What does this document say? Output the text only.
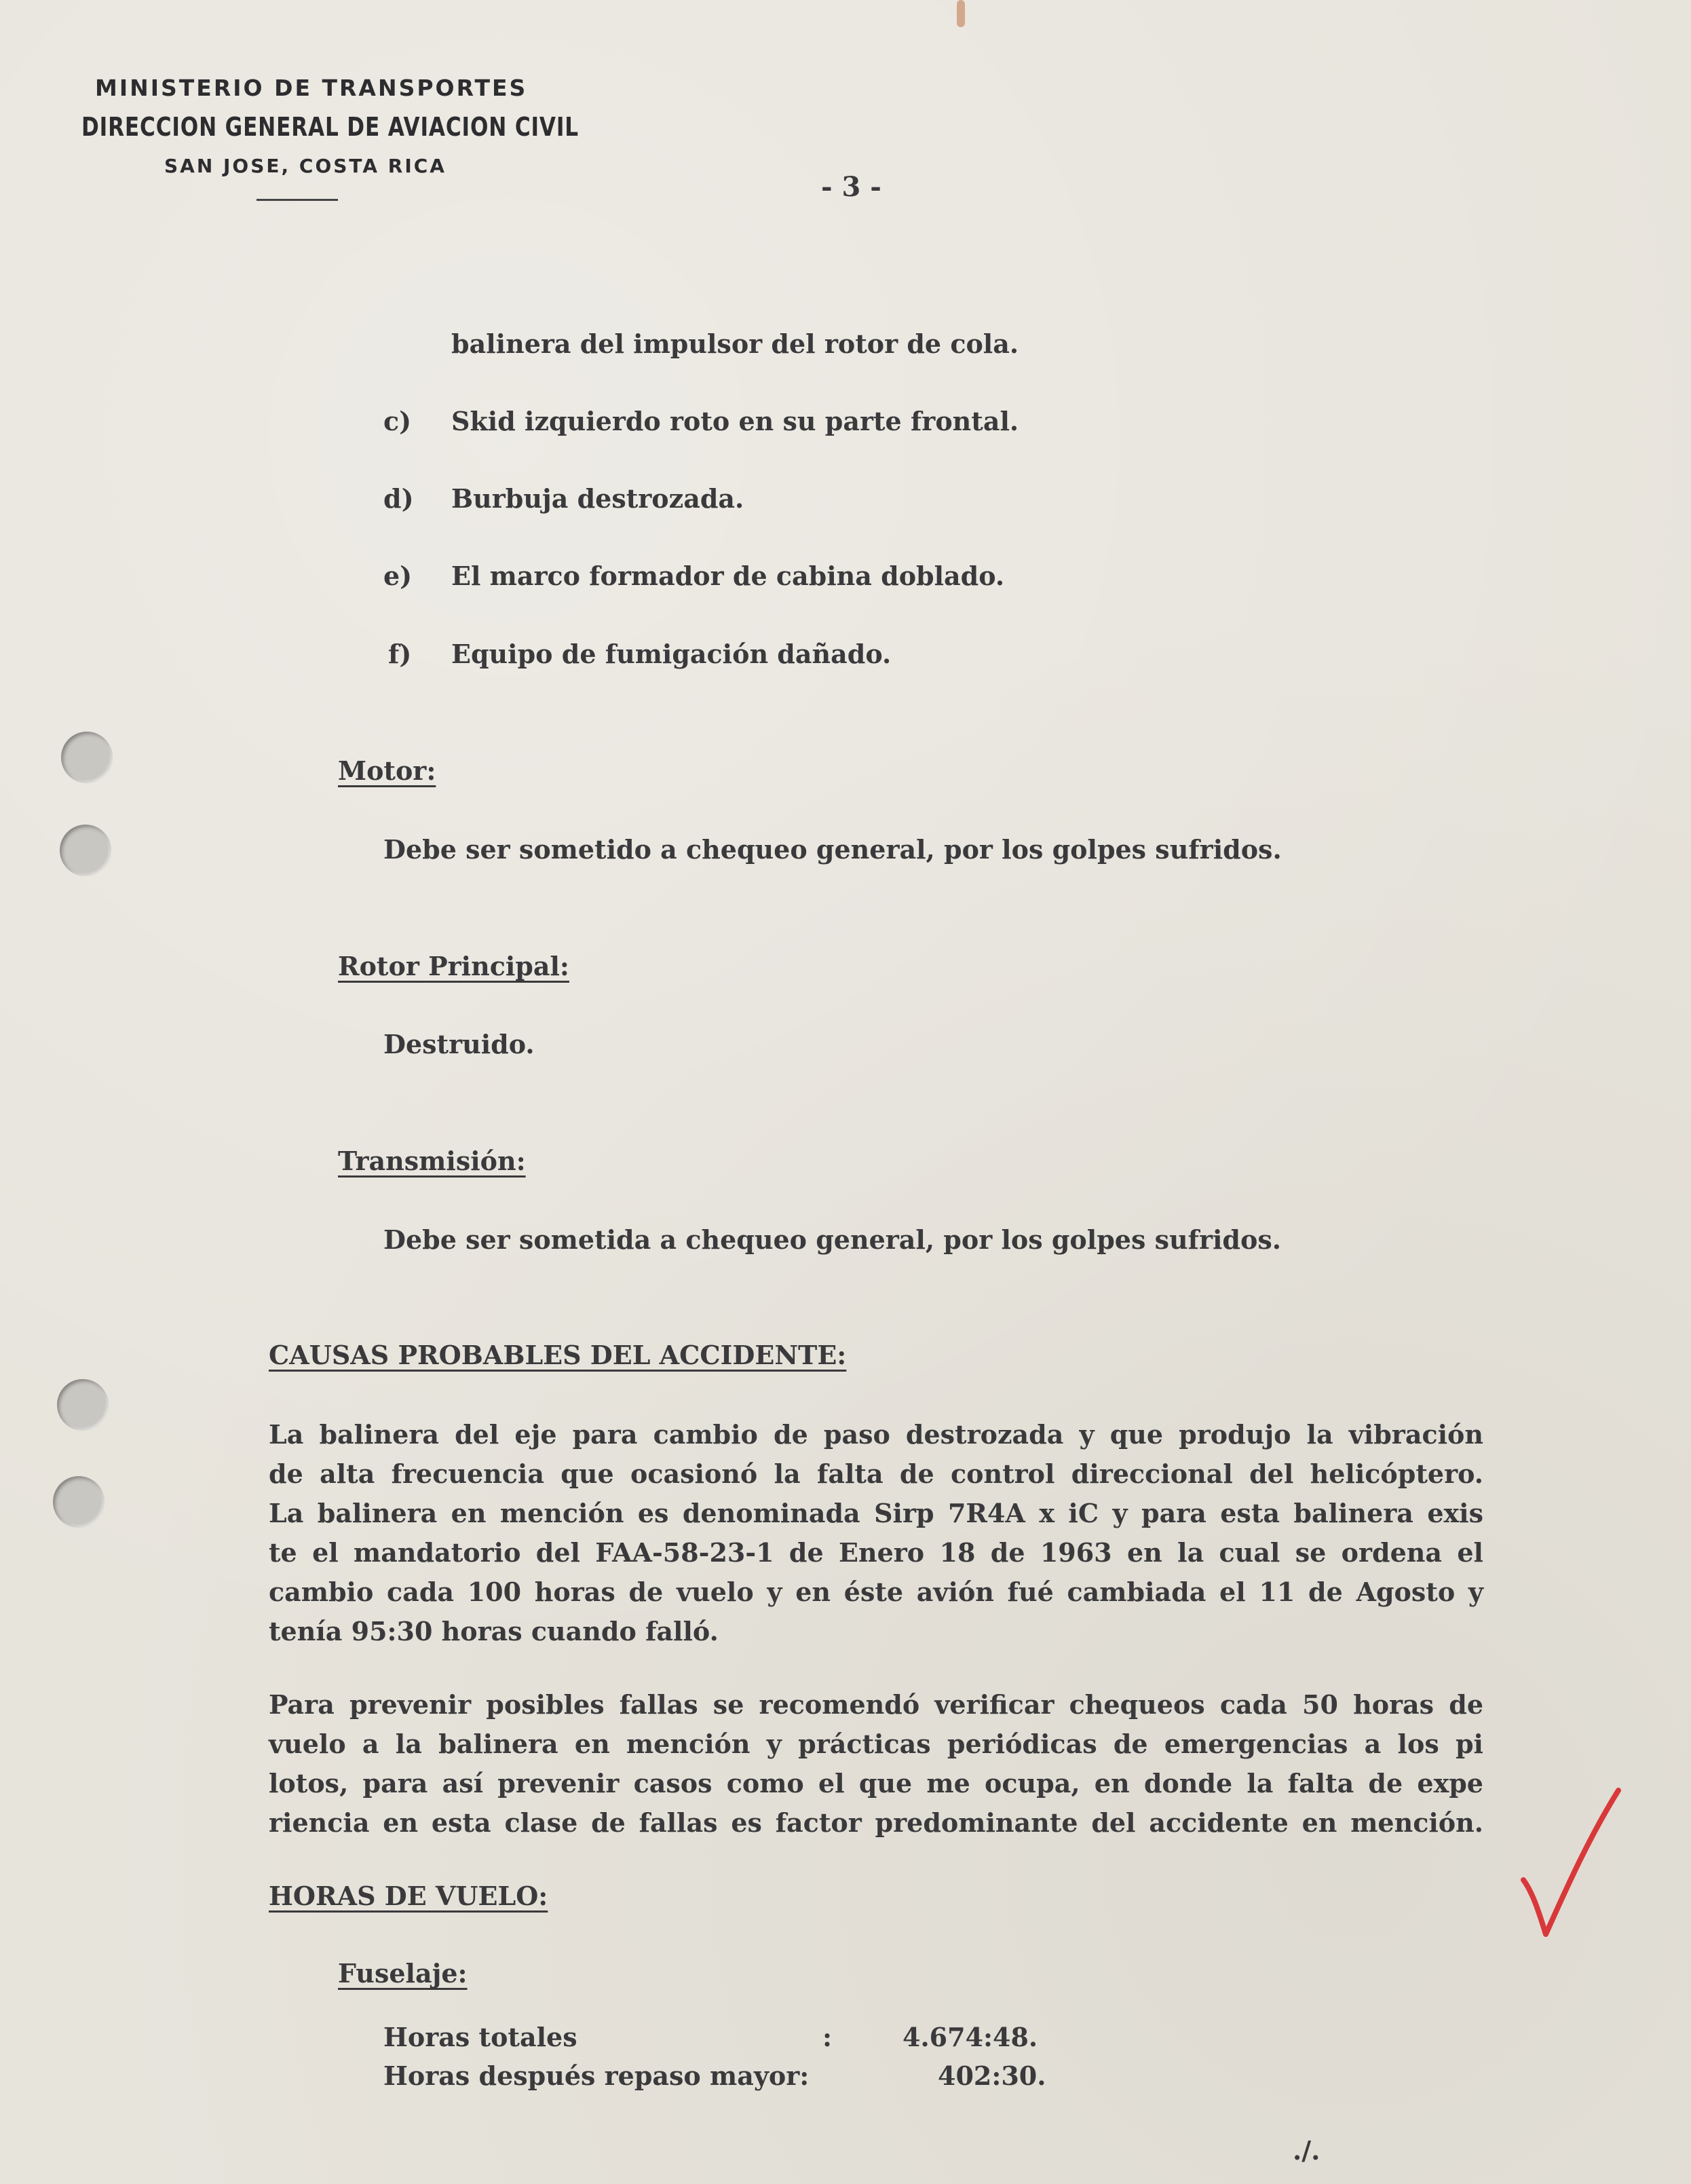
MINISTERIO DE TRANSPORTES
DIRECCION GENERAL DE AVIACION CIVIL
SAN JOSE, COSTA RICA
- 3 -
balinera del impulsor del rotor de cola.
c) Skid izquierdo roto en su parte frontal.
d) Burbuja destrozada.
e) El marco formador de cabina doblado.
f) Equipo de fumigación dañado.
Motor:
Debe ser sometido a chequeo general, por los golpes sufridos.
Rotor Principal:
Destruido.
Transmisión:
Debe ser sometida a chequeo general, por los golpes sufridos.
CAUSAS PROBABLES DEL ACCIDENTE:
La balinera del eje para cambio de paso destrozada y que produjo la vibración
de alta frecuencia que ocasionó la falta de control direccional del helicóptero.
La balinera en mención es denominada Sirp 7R4A x iC y para esta balinera exis
te el mandatorio del FAA-58-23-1 de Enero 18 de 1963 en la cual se ordena el
cambio cada 100 horas de vuelo y en éste avión fué cambiada el 11 de Agosto y
tenía 95:30 horas cuando falló.
Para prevenir posibles fallas se recomendó verificar chequeos cada 50 horas de
vuelo a la balinera en mención y prácticas periódicas de emergencias a los pi
lotos, para así prevenir casos como el que me ocupa, en donde la falta de expe
riencia en esta clase de fallas es factor predominante del accidente en mención.
HORAS DE VUELO:
Fuselaje:
Horas totales	:	4.674:48.
Horas después repaso mayor:	402:30.
./.
